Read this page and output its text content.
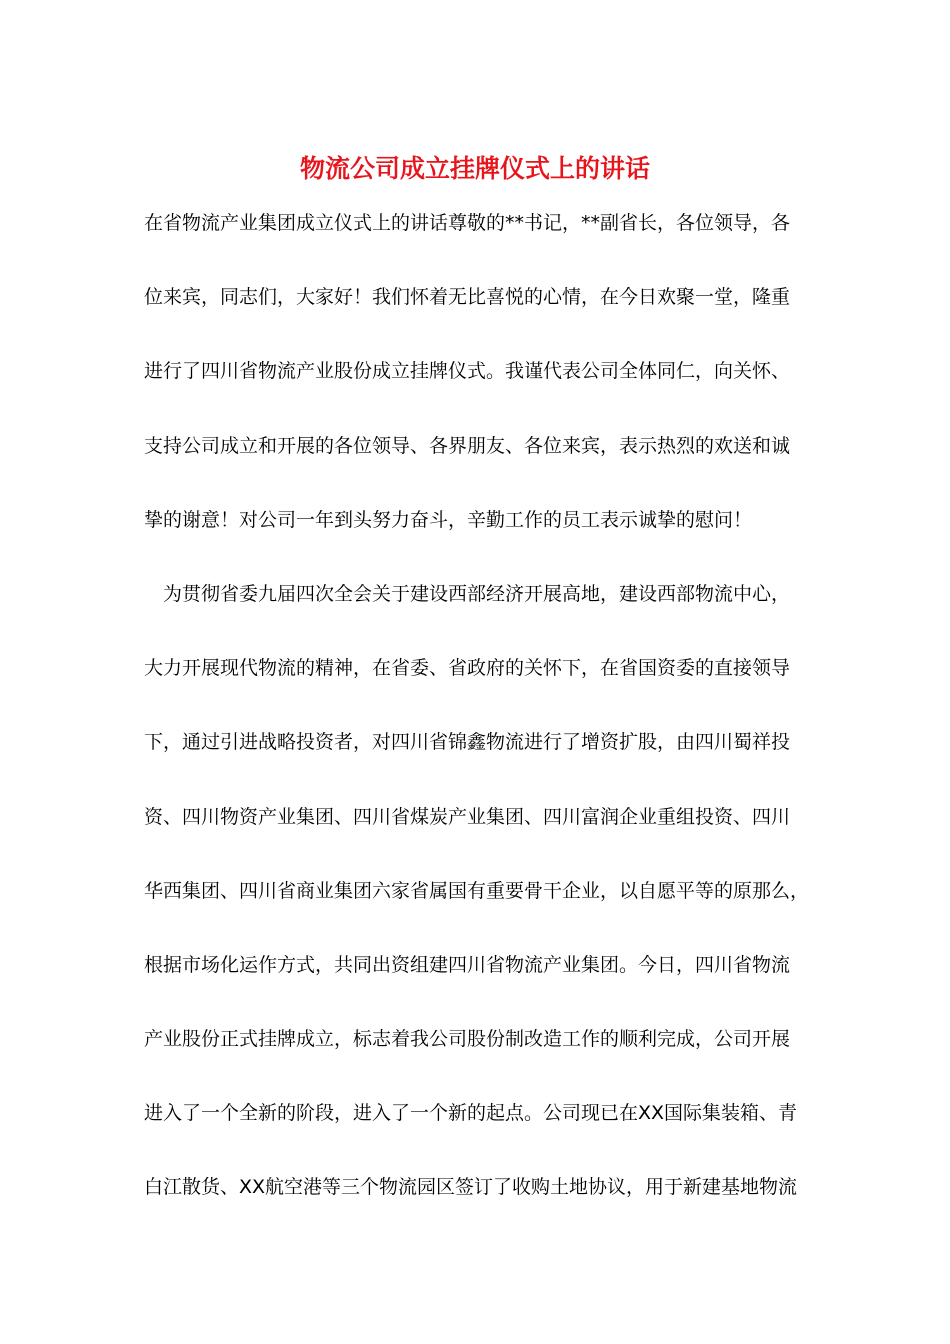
物流公司成立挂牌仪式上的讲话
在省物流产业集团成立仪式上的讲话尊敬的**书记，**副省长，各位领导，各
位来宾，同志们，大家好！我们怀着无比喜悦的心情，在今日欢聚一堂，隆重
进行了四川省物流产业股份成立挂牌仪式。我谨代表公司全体同仁，向关怀、
支持公司成立和开展的各位领导、各界朋友、各位来宾，表示热烈的欢送和诚
挚的谢意！对公司一年到头努力奋斗，辛勤工作的员工表示诚挚的慰问！
为贯彻省委九届四次全会关于建设西部经济开展高地，建设西部物流中心，
大力开展现代物流的精神，在省委、省政府的关怀下，在省国资委的直接领导
下，通过引进战略投资者，对四川省锦鑫物流进行了增资扩股，由四川蜀祥投
资、四川物资产业集团、四川省煤炭产业集团、四川富润企业重组投资、四川
华西集团、四川省商业集团六家省属国有重要骨干企业，以自愿平等的原那么，
根据市场化运作方式，共同出资组建四川省物流产业集团。今日，四川省物流
产业股份正式挂牌成立，标志着我公司股份制改造工作的顺利完成，公司开展
进入了一个全新的阶段，进入了一个新的起点。公司现已在XX国际集装箱、青
白江散货、XX航空港等三个物流园区签订了收购土地协议，用于新建基地物流
